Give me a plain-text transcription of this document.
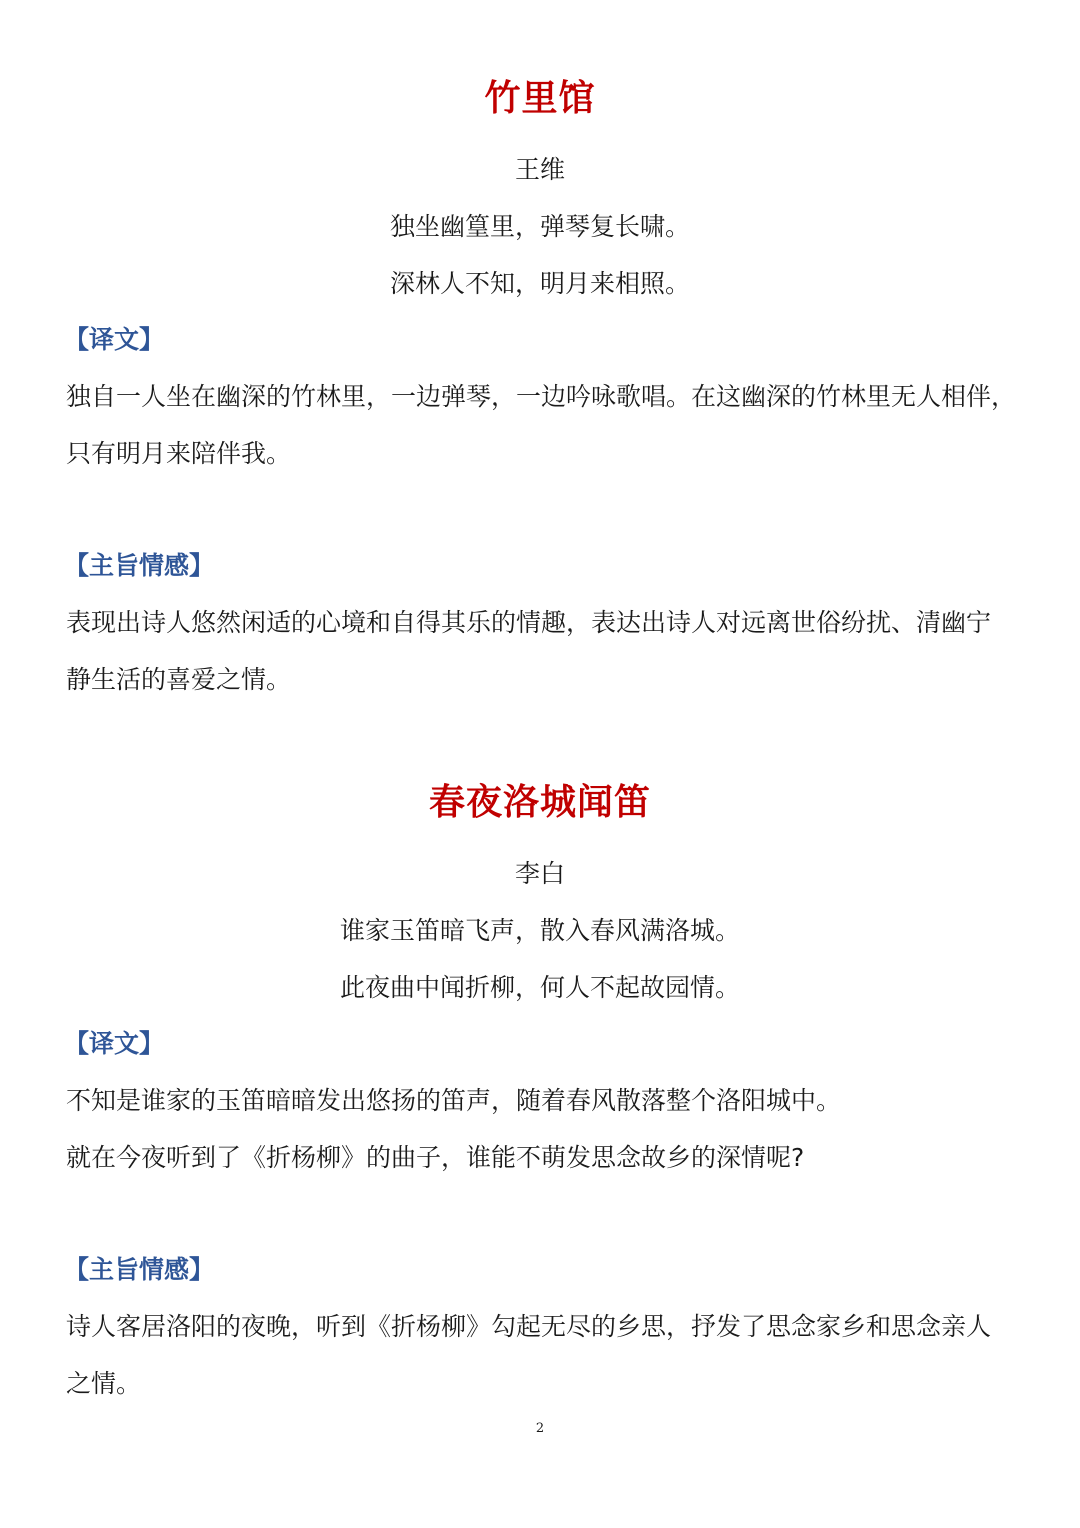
竹里馆
王维
独坐幽篁里，弹琴复长啸。
深林人不知，明月来相照。
【译文】
独自一人坐在幽深的竹林里，一边弹琴，一边吟咏歌唱。在这幽深的竹林里无人相伴，
只有明月来陪伴我。
【主旨情感】
表现出诗人悠然闲适的心境和自得其乐的情趣，表达出诗人对远离世俗纷扰、清幽宁
静生活的喜爱之情。
春夜洛城闻笛
李白
谁家玉笛暗飞声，散入春风满洛城。
此夜曲中闻折柳，何人不起故园情。
【译文】
不知是谁家的玉笛暗暗发出悠扬的笛声，随着春风散落整个洛阳城中。
就在今夜听到了《折杨柳》的曲子，谁能不萌发思念故乡的深情呢?
【主旨情感】
诗人客居洛阳的夜晚，听到《折杨柳》勾起无尽的乡思，抒发了思念家乡和思念亲人
之情。
2
